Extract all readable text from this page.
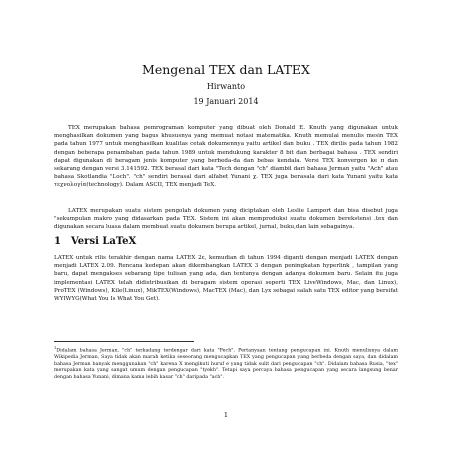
Mengenal TEX dan LATEX
Hirwanto
19 Januari 2014
TEX merupakan bahasa pemrograman komputer yang dibuat oleh Donald E. Knuth yang digunakan untuk menghasilkan dokumen yang bagus khususnya yang memuat notasi matematika. Knuth memulai menulis mesin TEX pada tahun 1977 untuk menghasilkan kualitas cetak dokumennya yaitu artikel dan buku . TEX dirilis pada tahun 1982 dengan beberapa penambahan pada tahun 1989 untuk mendukung karakter 8 bit dan berbagai bahasa . TEX sendiri dapat digunakan di beragam jenis komputer yang berbeda-da dan bebas kendala. Versi TEX konvergen ke π dan sekarang dengan versi 3.141592. TEX berasal dari kata "Tech dengan "ch" diambil dari bahasa Jerman yaitu "Ach" atau bahasa Skotlandia "Loch". "ch" sendiri berasal dari alfabet Yunani χ. TEX juga berasala dari kata Yunani yaitu kata τεχνολογία(technology). Dalam ASCII, TEX menjadi TeX.
LATEX merupakan suatu sistem pengolah dokumen yang diciptakan oleh Leslie Lamport dan bisa disebut juga "sekumpulan makro yang didasarkan pada TEX. Sistem ini akan memproduksi suatu dokumen berekstensi .tex dan digunakan secara luasa dalam membuat suatu dokumen berupa artikel, jurnal, buku,dan lain sebagainya.
1 Versi LaTeX
LATEX untuk rilis terakhir dengan nama LATEX 2ε, kemudian di tahun 1994 diganti dengan menjadi LATEX dengan menjadi LATEX 2.09. Rencana kedepan akan dikembangkan LATEX 3 dengan peningkatan hyperlink , tampilan yang baru, dapat mengakses sebarang tipe tulisan yang ada, dan tentunya dengan adanya dokumen baru. Selain itu juga implementasi LATEX telah didistribusikan di beragam sistem operasi seperti TEX LiveWindows, Mac, dan Linux), ProTEX (Windows), Kile(Linux), MikTEX(Windows), MacTEX (Mac), dan Lyx sebagai salah satu TEX editor yang bersifat WYIWYG(What You Is What You Get).
$^1$Didalam bahasa Jerman, "ch" terkadang terdengar dari kata "Pech". Pertanyaan tentang pengucapan ini. Knuth menulisnya dalam Wikipedia Jerman, Saya tidak akan marah ketika seseorang mengucapkan TEX yang pengucapan yang berbeda dengan saya, dan didalam bahasa Jerman banyak menggunakan "ch" karena X mengikuti huruf e yang tidak sulit dari pengucapan "ch". Didalam bahasa Rusia, "tex" merupakan kata yang sangat umum dengan pengucapan "tyekh". Tetapi saya percaya bahasa pengucapan yang secara langsung benar dengan bahasa Yunani, dimana kamu lebih kasar "ch" daripada "ach".
1
